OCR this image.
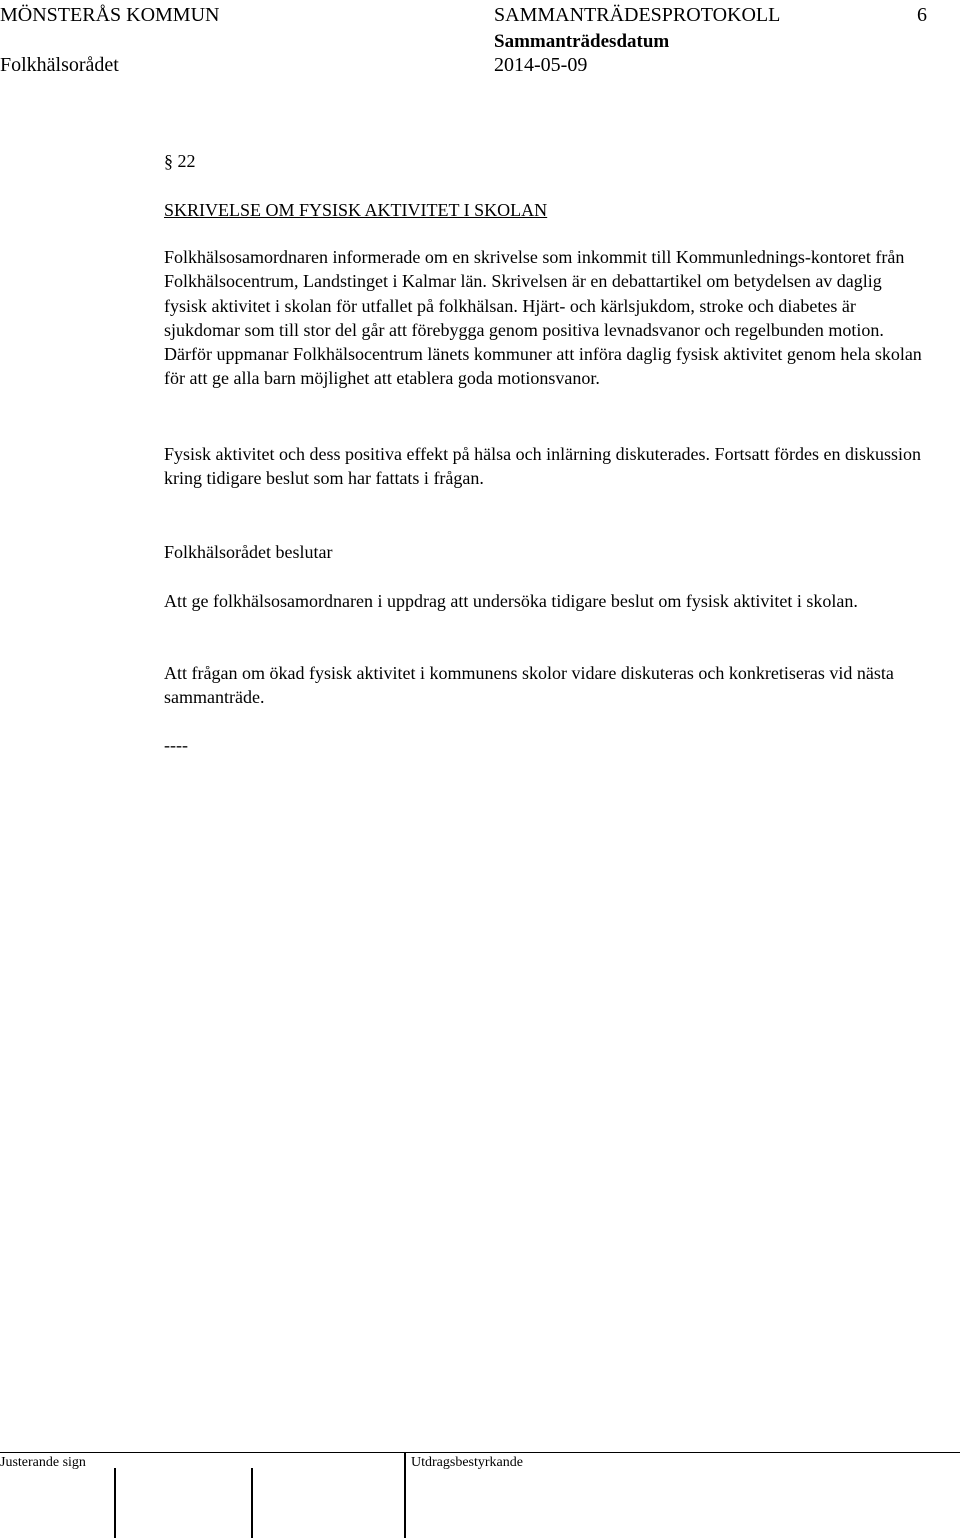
MÖNSTERÅS KOMMUN	SAMMANTRÄDESPROTOKOLL	6
Folkhälsorådet
Sammanträdesdatum
2014-05-09
§ 22
SKRIVELSE OM FYSISK AKTIVITET I SKOLAN

Folkhälsosamordnaren informerade om en skrivelse som inkommit till Kommunlednings-kontoret från Folkhälsocentrum, Landstinget i Kalmar län. Skrivelsen är en debattartikel om betydelsen av daglig fysisk aktivitet i skolan för utfallet på folkhälsan. Hjärt- och kärlsjukdom, stroke och diabetes är sjukdomar som till stor del går att förebygga genom positiva levnadsvanor och regelbunden motion. Därför uppmanar Folkhälsocentrum länets kommuner att införa daglig fysisk aktivitet genom hela skolan för att ge alla barn möjlighet att etablera goda motionsvanor.

Fysisk aktivitet och dess positiva effekt på hälsa och inlärning diskuterades. Fortsatt fördes en diskussion kring tidigare beslut som har fattats i frågan.

Folkhälsorådet beslutar

Att ge folkhälsosamordnaren i uppdrag att undersöka tidigare beslut om fysisk aktivitet i skolan.

Att frågan om ökad fysisk aktivitet i kommunens skolor vidare diskuteras och konkretiseras vid nästa sammanträde.

----
Justerande sign	Utdragsbestyrkande
